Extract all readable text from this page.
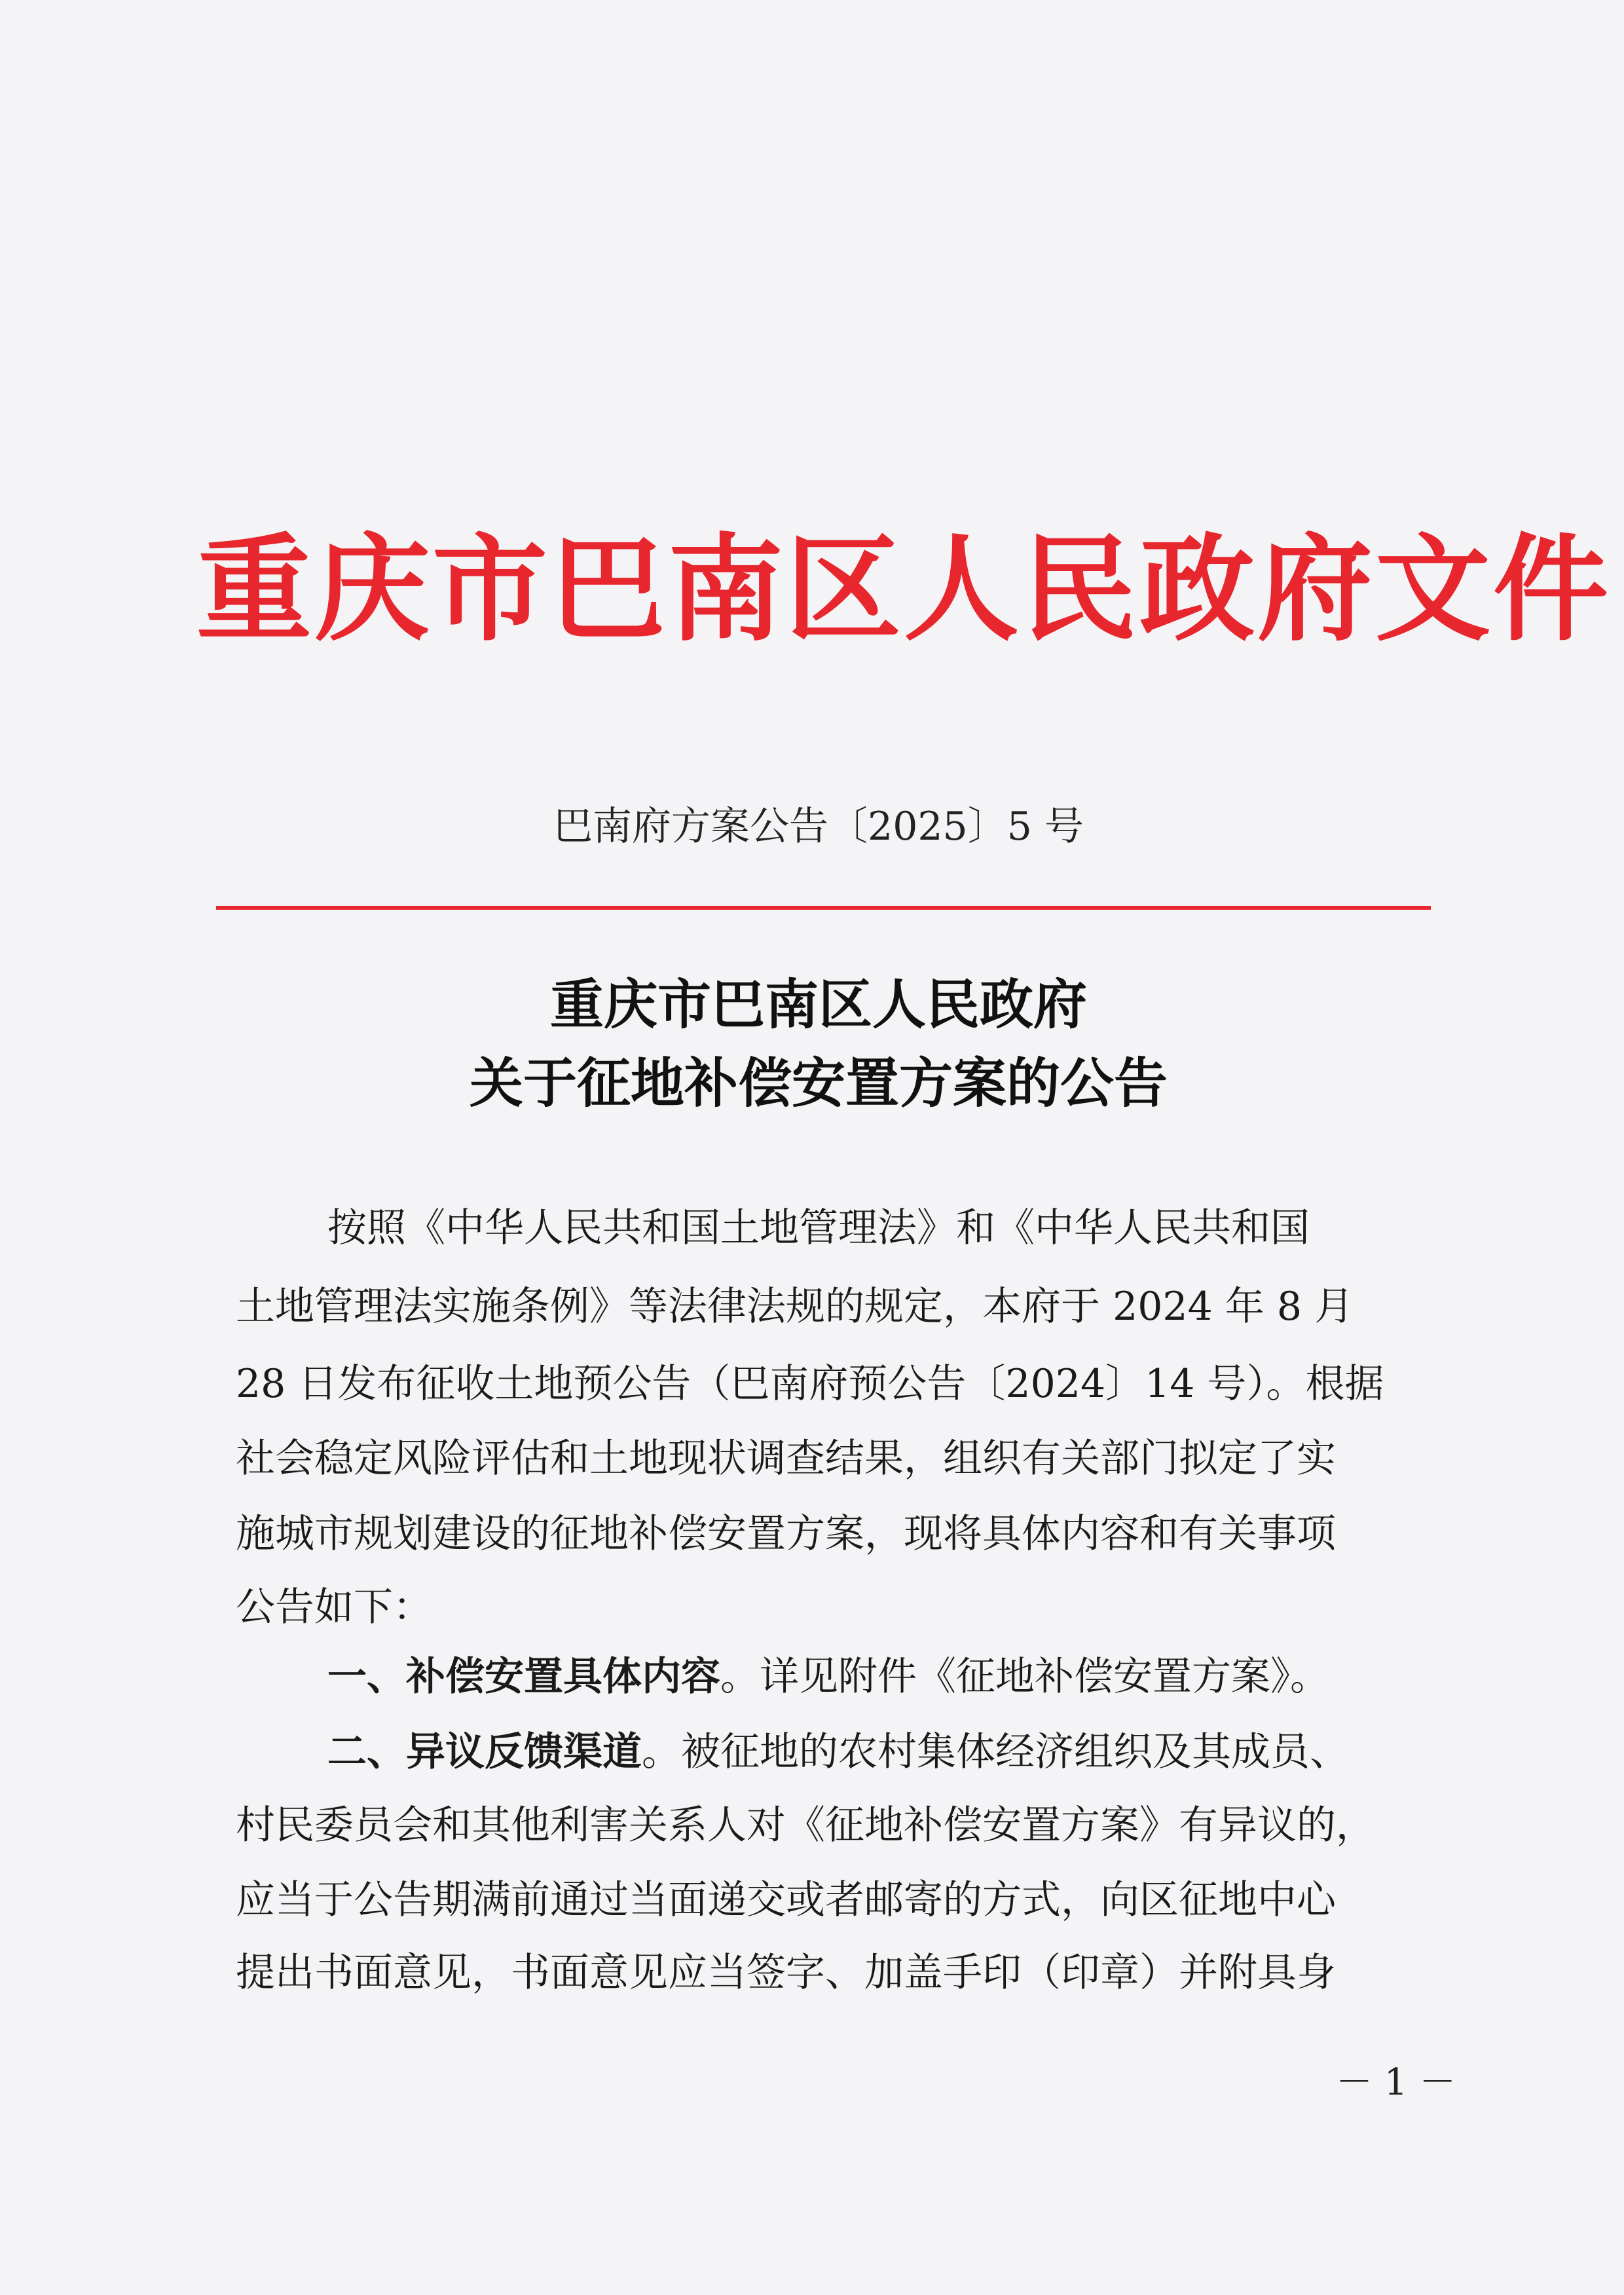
重庆市巴南区人民政府文件
巴南府方案公告〔2025〕5 号
重庆市巴南区人民政府
关于征地补偿安置方案的公告
按照《中华人民共和国土地管理法》和《中华人民共和国
土地管理法实施条例》等法律法规的规定，本府于 2024 年 8 月
28 日发布征收土地预公告（巴南府预公告〔2024〕14 号）。根据
社会稳定风险评估和土地现状调查结果，组织有关部门拟定了实
施城市规划建设的征地补偿安置方案，现将具体内容和有关事项
公告如下：
一、补偿安置具体内容。详见附件《征地补偿安置方案》。
二、异议反馈渠道。被征地的农村集体经济组织及其成员、
村民委员会和其他利害关系人对《征地补偿安置方案》有异议的，
应当于公告期满前通过当面递交或者邮寄的方式，向区征地中心
提出书面意见，书面意见应当签字、加盖手印（印章）并附具身
－ 1 －
